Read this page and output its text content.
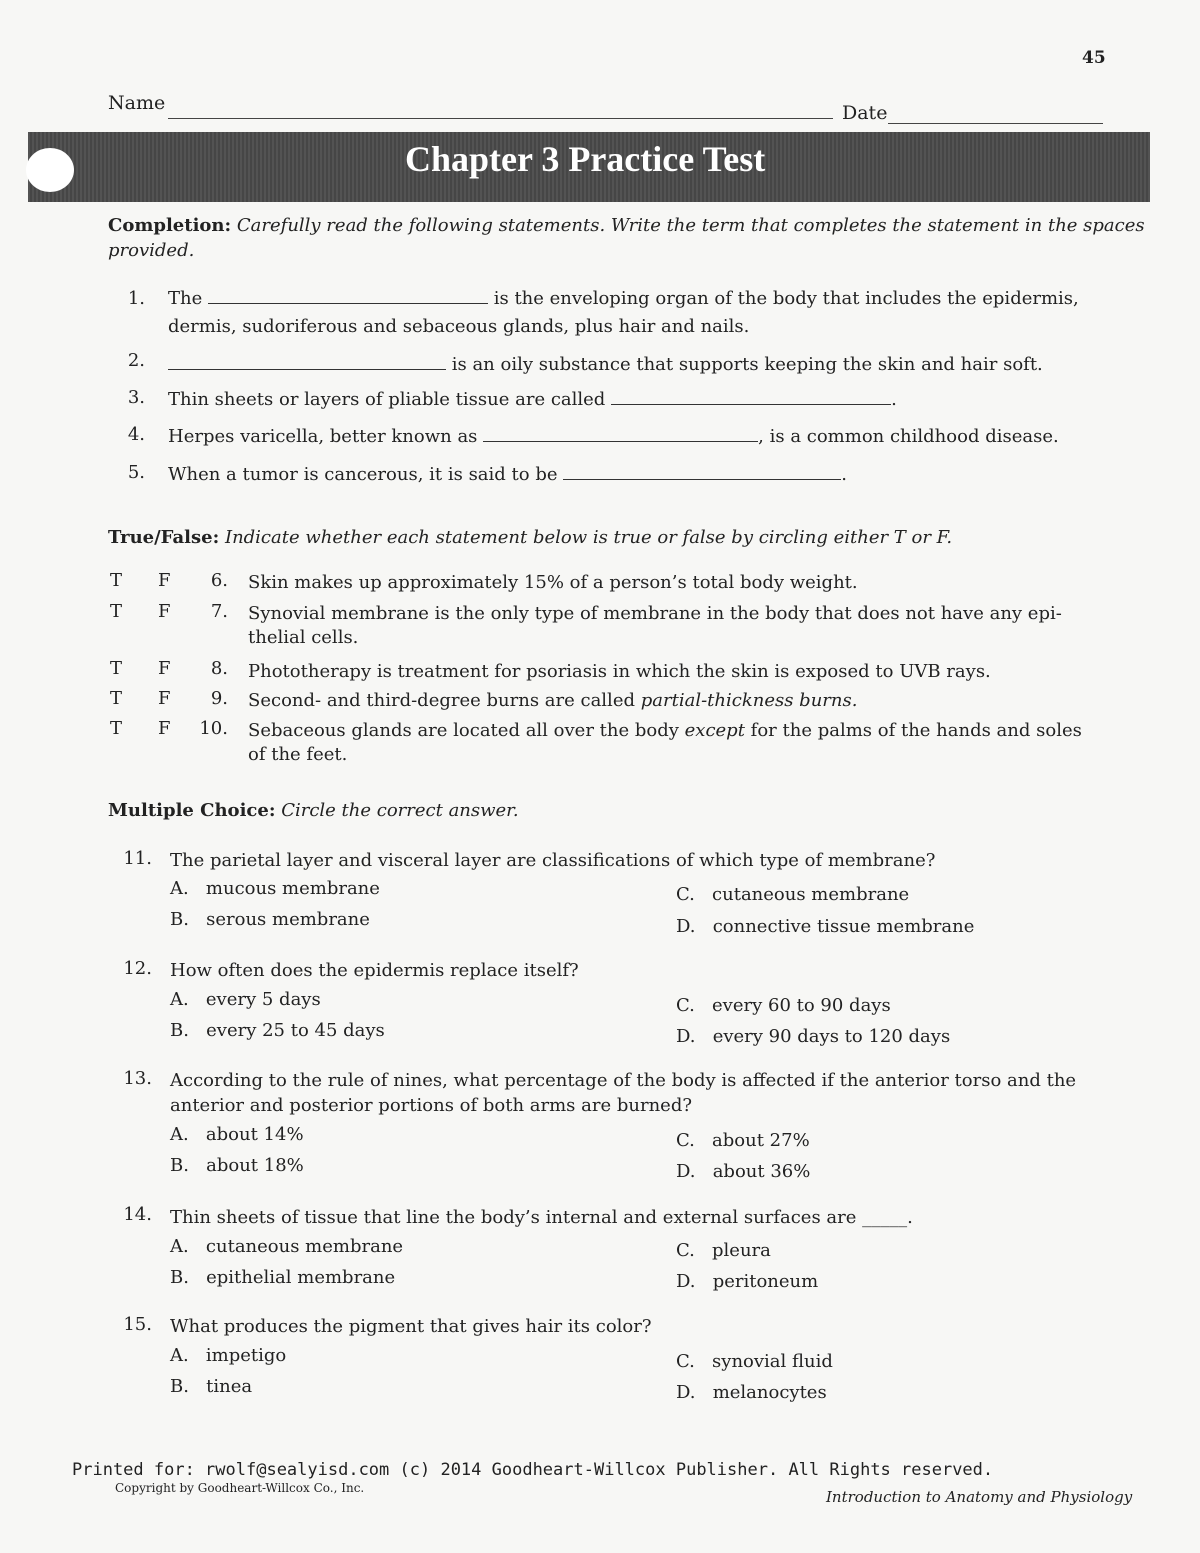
45
Name	Date
Chapter 3 Practice Test
Completion: Carefully read the following statements. Write the term that completes the statement in the spaces
provided.
1. The	is the enveloping organ of the body that includes the epidermis,
dermis, sudoriferous and sebaceous glands, plus hair and nails.
2.	is an oily substance that supports keeping the skin and hair soft.
3. Thin sheets or layers of pliable tissue are called	.
4. Herpes varicella, better known as	, is a common childhood disease.
5. When a tumor is cancerous, it is said to be	.
True/False: Indicate whether each statement below is true or false by circling either T or F.
T F	6. Skin makes up approximately 15% of a person’s total body weight.
T F	7. Synovial membrane is the only type of membrane in the body that does not have any epi-
thelial cells.
T F	8. Phototherapy is treatment for psoriasis in which the skin is exposed to UVB rays.
T F	9. Second- and third-degree burns are called partial-thickness burns.
T F 10. Sebaceous glands are located all over the body except for the palms of the hands and soles
of the feet.
Multiple Choice: Circle the correct answer.
11. The parietal layer and visceral layer are classifications of which type of membrane?
A. mucous membrane
B. serous membrane
C. cutaneous membrane
D. connective tissue membrane
12. How often does the epidermis replace itself?
A. every 5 days
B. every 25 to 45 days
C. every 60 to 90 days
D. every 90 days to 120 days
13. According to the rule of nines, what percentage of the body is affected if the anterior torso and the
anterior and posterior portions of both arms are burned?
A. about 14%
B. about 18%
C. about 27%
D. about 36%
14. Thin sheets of tissue that line the body’s internal and external surfaces are _____.
A. cutaneous membrane
B. epithelial membrane
C. pleura
D. peritoneum
15. What produces the pigment that gives hair its color?
A. impetigo
B. tinea
C. synovial fluid
D. melanocytes
Printed for: rwolf@sealyisd.com (c) 2014 Goodheart-Willcox Publisher. All Rights reserved.
Copyright by Goodheart-Willcox Co., Inc.	Introduction to Anatomy and Physiology
